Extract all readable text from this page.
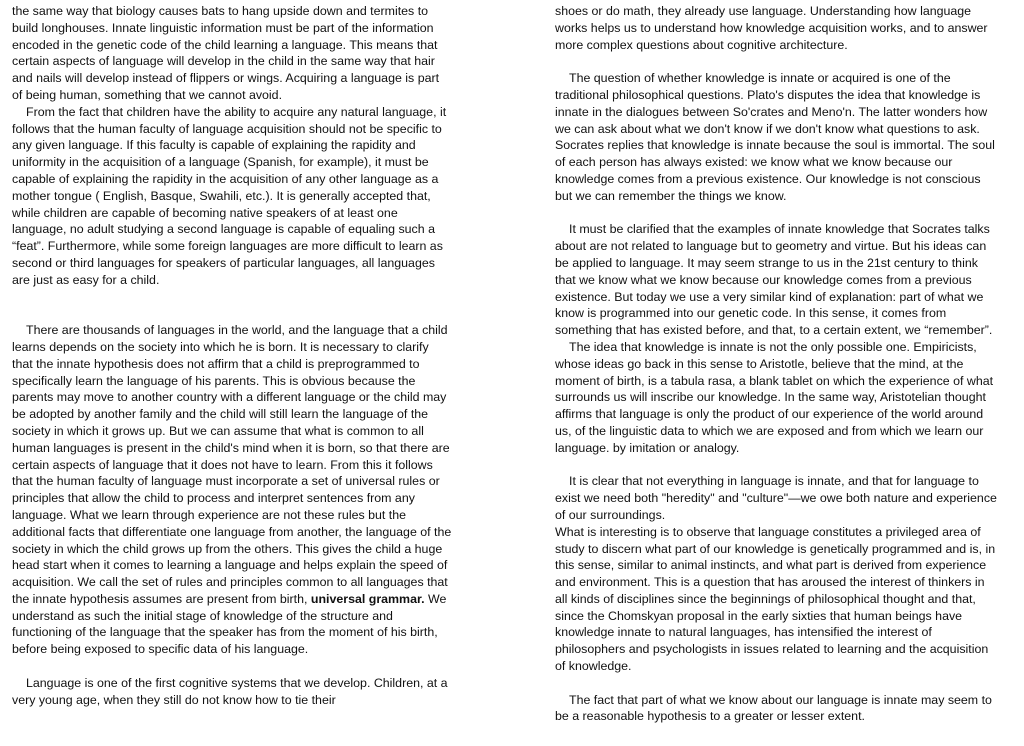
the same way that biology causes bats to hang upside down and termites to build longhouses. Innate linguistic information must be part of the information encoded in the genetic code of the child learning a language. This means that certain aspects of language will develop in the child in the same way that hair and nails will develop instead of flippers or wings. Acquiring a language is part of being human, something that we cannot avoid.

From the fact that children have the ability to acquire any natural language, it follows that the human faculty of language acquisition should not be specific to any given language. If this faculty is capable of explaining the rapidity and uniformity in the acquisition of a language (Spanish, for example), it must be capable of explaining the rapidity in the acquisition of any other language as a mother tongue ( English, Basque, Swahili, etc.). It is generally accepted that, while children are capable of becoming native speakers of at least one language, no adult studying a second language is capable of equaling such a “feat”. Furthermore, while some foreign languages are more difficult to learn as second or third languages for speakers of particular languages, all languages are just as easy for a child.

There are thousands of languages in the world, and the language that a child learns depends on the society into which he is born. It is necessary to clarify that the innate hypothesis does not affirm that a child is preprogrammed to specifically learn the language of his parents. This is obvious because the parents may move to another country with a different language or the child may be adopted by another family and the child will still learn the language of the society in which it grows up. But we can assume that what is common to all human languages is present in the child's mind when it is born, so that there are certain aspects of language that it does not have to learn. From this it follows that the human faculty of language must incorporate a set of universal rules or principles that allow the child to process and interpret sentences from any language. What we learn through experience are not these rules but the additional facts that differentiate one language from another, the language of the society in which the child grows up from the others. This gives the child a huge head start when it comes to learning a language and helps explain the speed of acquisition. We call the set of rules and principles common to all languages that the innate hypothesis assumes are present from birth, universal grammar. We understand as such the initial stage of knowledge of the structure and functioning of the language that the speaker has from the moment of his birth, before being exposed to specific data of his language.

Language is one of the first cognitive systems that we develop. Children, at a very young age, when they still do not know how to tie their

shoes or do math, they already use language. Understanding how language works helps us to understand how knowledge acquisition works, and to answer more complex questions about cognitive architecture.

The question of whether knowledge is innate or acquired is one of the traditional philosophical questions. Plato's disputes the idea that knowledge is innate in the dialogues between So'crates and Meno'n. The latter wonders how we can ask about what we don't know if we don't know what questions to ask. Socrates replies that knowledge is innate because the soul is immortal. The soul of each person has always existed: we know what we know because our knowledge comes from a previous existence. Our knowledge is not conscious but we can remember the things we know.

It must be clarified that the examples of innate knowledge that Socrates talks about are not related to language but to geometry and virtue. But his ideas can be applied to language. It may seem strange to us in the 21st century to think that we know what we know because our knowledge comes from a previous existence. But today we use a very similar kind of explanation: part of what we know is programmed into our genetic code. In this sense, it comes from something that has existed before, and that, to a certain extent, we “remember”.

The idea that knowledge is innate is not the only possible one. Empiricists, whose ideas go back in this sense to Aristotle, believe that the mind, at the moment of birth, is a tabula rasa, a blank tablet on which the experience of what surrounds us will inscribe our knowledge. In the same way, Aristotelian thought affirms that language is only the product of our experience of the world around us, of the linguistic data to which we are exposed and from which we learn our language. by imitation or analogy.

It is clear that not everything in language is innate, and that for language to exist we need both "heredity" and "culture"—we owe both nature and experience of our surroundings.

What is interesting is to observe that language constitutes a privileged area of study to discern what part of our knowledge is genetically programmed and is, in this sense, similar to animal instincts, and what part is derived from experience and environment. This is a question that has aroused the interest of thinkers in all kinds of disciplines since the beginnings of philosophical thought and that, since the Chomskyan proposal in the early sixties that human beings have knowledge innate to natural languages, has intensified the interest of philosophers and psychologists in issues related to learning and the acquisition of knowledge.

The fact that part of what we know about our language is innate may seem to be a reasonable hypothesis to a greater or lesser extent.
